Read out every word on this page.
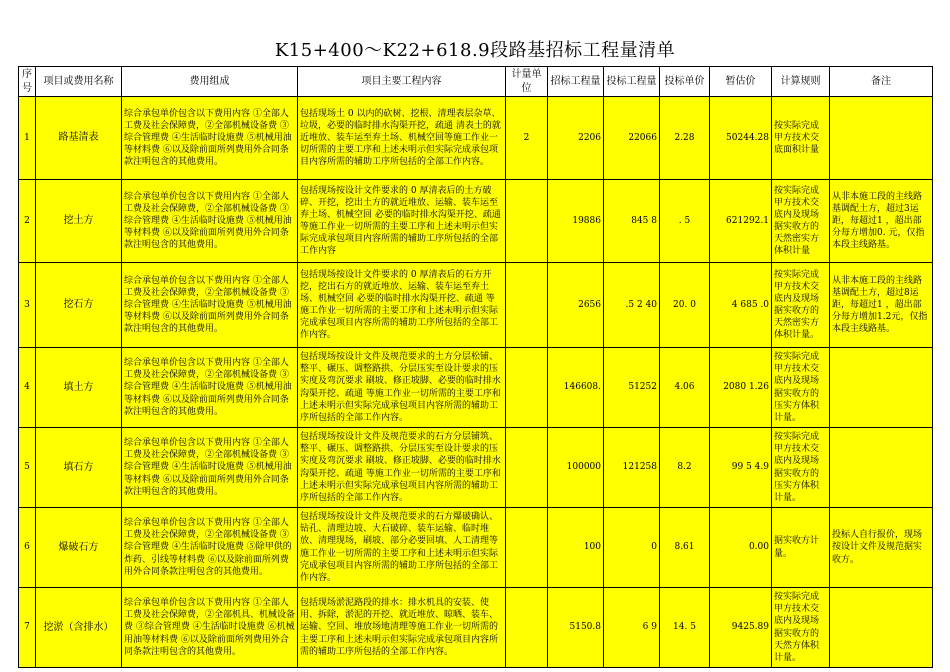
K15+400～K22+618.9段路基招标工程量清单
序号	项目或费用名称	费用组成	项目主要工程内容	计量单位	招标工程量	投标工程量	投标单价	暂估价	计算规则	备注
1	路基清表	综合承包单价包含以下费用内容 ①全部人工费及社会保障费，②全部机械设备费 ③综合管理费 ④生活临时设施费 ⑤机械用油等材料费 ⑥以及除前面所列费用外合同条款注明包含的其他费用。	包括现场土 0 以内的砍树、挖根、清理表层杂草、垃圾，必要的临时排水沟渠开挖，疏通 清表土的就近堆放、装车运至弃土场、机械空回等施工作业一切所需的主要工序和上述未明示但实际完成承包项目内容所需的辅助工序所包括的全部工作内容。	2	2206	22066	2.28	50244.28	按实际完成甲方技术交底面积计量	
2	挖土方	综合承包单价包含以下费用内容 ①全部人工费及社会保障费，②全部机械设备费 ③综合管理费 ④生活临时设施费 ⑤机械用油等材料费 ⑥以及除前面所列费用外合同条款注明包含的其他费用。	包括现场按设计文件要求的 0 厚清表后的土方破碎、开挖，挖出土方的就近堆放、运输、装车运至弃土场、机械空回 必要的临时排水沟渠开挖、疏通 等施工作业一切所需的主要工序和上述未明示但实际完成承包项目内容所需的辅助工序所包括的全部工作内容		19886	845 8	. 5	621292.1	按实际完成甲方技术交底内及现场据实收方的天然密实方体积计量	从非本施工段的主线路基调配土方，超过3运距，每超过1 ，超出部分每方增加0. 元，仅指本段主线路基。
3	挖石方	综合承包单价包含以下费用内容 ①全部人工费及社会保障费，②全部机械设备费 ③综合管理费 ④生活临时设施费 ⑤机械用油等材料费 ⑥以及除前面所列费用外合同条款注明包含的其他费用。	包括现场按设计文件要求的 0 厚清表后的石方开挖，挖出石方的就近堆放、运输、装车运至弃土场、机械空回 必要的临时排水沟渠开挖、疏通 等施工作业一切所需的主要工序和上述未明示但实际完成承包项目内容所需的辅助工序所包括的全部工作内容。		2656	.5 2 40	20. 0	4 685 .0	按实际完成甲方技术交底内及现场据实收方的天然密实方体积计量。	从非本施工段的主线路基调配土方，超过8运距，每超过1 ，超出部分每方增加1.2元，仅指本段主线路基。
4	填土方	综合承包单价包含以下费用内容 ①全部人工费及社会保障费，②全部机械设备费 ③综合管理费 ④生活临时设施费 ⑤机械用油等材料费 ⑥以及除前面所列费用外合同条款注明包含的其他费用。	包括现场按设计文件及规范要求的土方分层松铺、整平、碾压、调整路拱、分层压实至设计要求的压实度及弯沉要求 刷坡、修正坡脚、必要的临时排水沟渠开挖、疏通 等施工作业一切所需的主要工序和上述未明示但实际完成承包项目内容所需的辅助工序所包括的全部工作内容。		146608.	51252	4.06	2080 1.26	按实际完成甲方技术交底内及现场据实收方的压实方体积计量。	
5	填石方	综合承包单价包含以下费用内容 ①全部人工费及社会保障费，②全部机械设备费 ③综合管理费 ④生活临时设施费 ⑤机械用油等材料费 ⑥以及除前面所列费用外合同条款注明包含的其他费用。	包括现场按设计文件及规范要求的石方分层铺筑、整平、碾压、调整路拱、分层压实至设计要求的压实度及弯沉要求 刷坡、修正坡脚、必要的临时排水沟渠开挖、疏通 等施工作业一切所需的主要工序和上述未明示但实际完成承包项目内容所需的辅助工序所包括的全部工作内容。		100000	121258	8.2	99 5 4.9	按实际完成甲方技术交底内及现场据实收方的压实方体积计量。	
6	爆破石方	综合承包单价包含以下费用内容 ①全部人工费及社会保障费，②全部机械设备费 ③综合管理费 ④生活临时设施费 ⑤除甲供的炸药、引线等材料费 ⑥以及除前面所列费用外合同条款注明包含的其他费用。	包括现场按设计文件及规范要求的石方爆破确认、钻孔、清理边坡、大石破碎、装车运输、临时堆放、清理现场，刷坡、部分必要回填、人工清理等施工作业一切所需的主要工序和上述未明示但实际完成承包项目内容所需的辅助工序所包括的全部工作内容。		100	0	8.61	0.00	据实收方计量。	投标人自行报价，现场按设计文件及规范据实收方。
7	挖淤（含排水）	综合承包单价包含以下费用内容 ①全部人工费及社会保障费，②全部机具、机械设备费 ③综合管理费 ④生活临时设施费 ⑥机械用油等材料费 ⑥以及除前面所列费用外合同条款注明包含的其他费用。	包括现场淤泥路段的排水：排水机具的安装、使用、拆除，淤泥的开挖、就近堆放、晾晒、装车、运输、空回、堆放场地清理等施工作业一切所需的主要工序和上述未明示但实际完成承包项目内容所需的辅助工序所包括的全部工作内容。		5150.8	6 9	14. 5	9425.89	按实际完成甲方技术交底内及现场据实收方的天然方体积计量。	
